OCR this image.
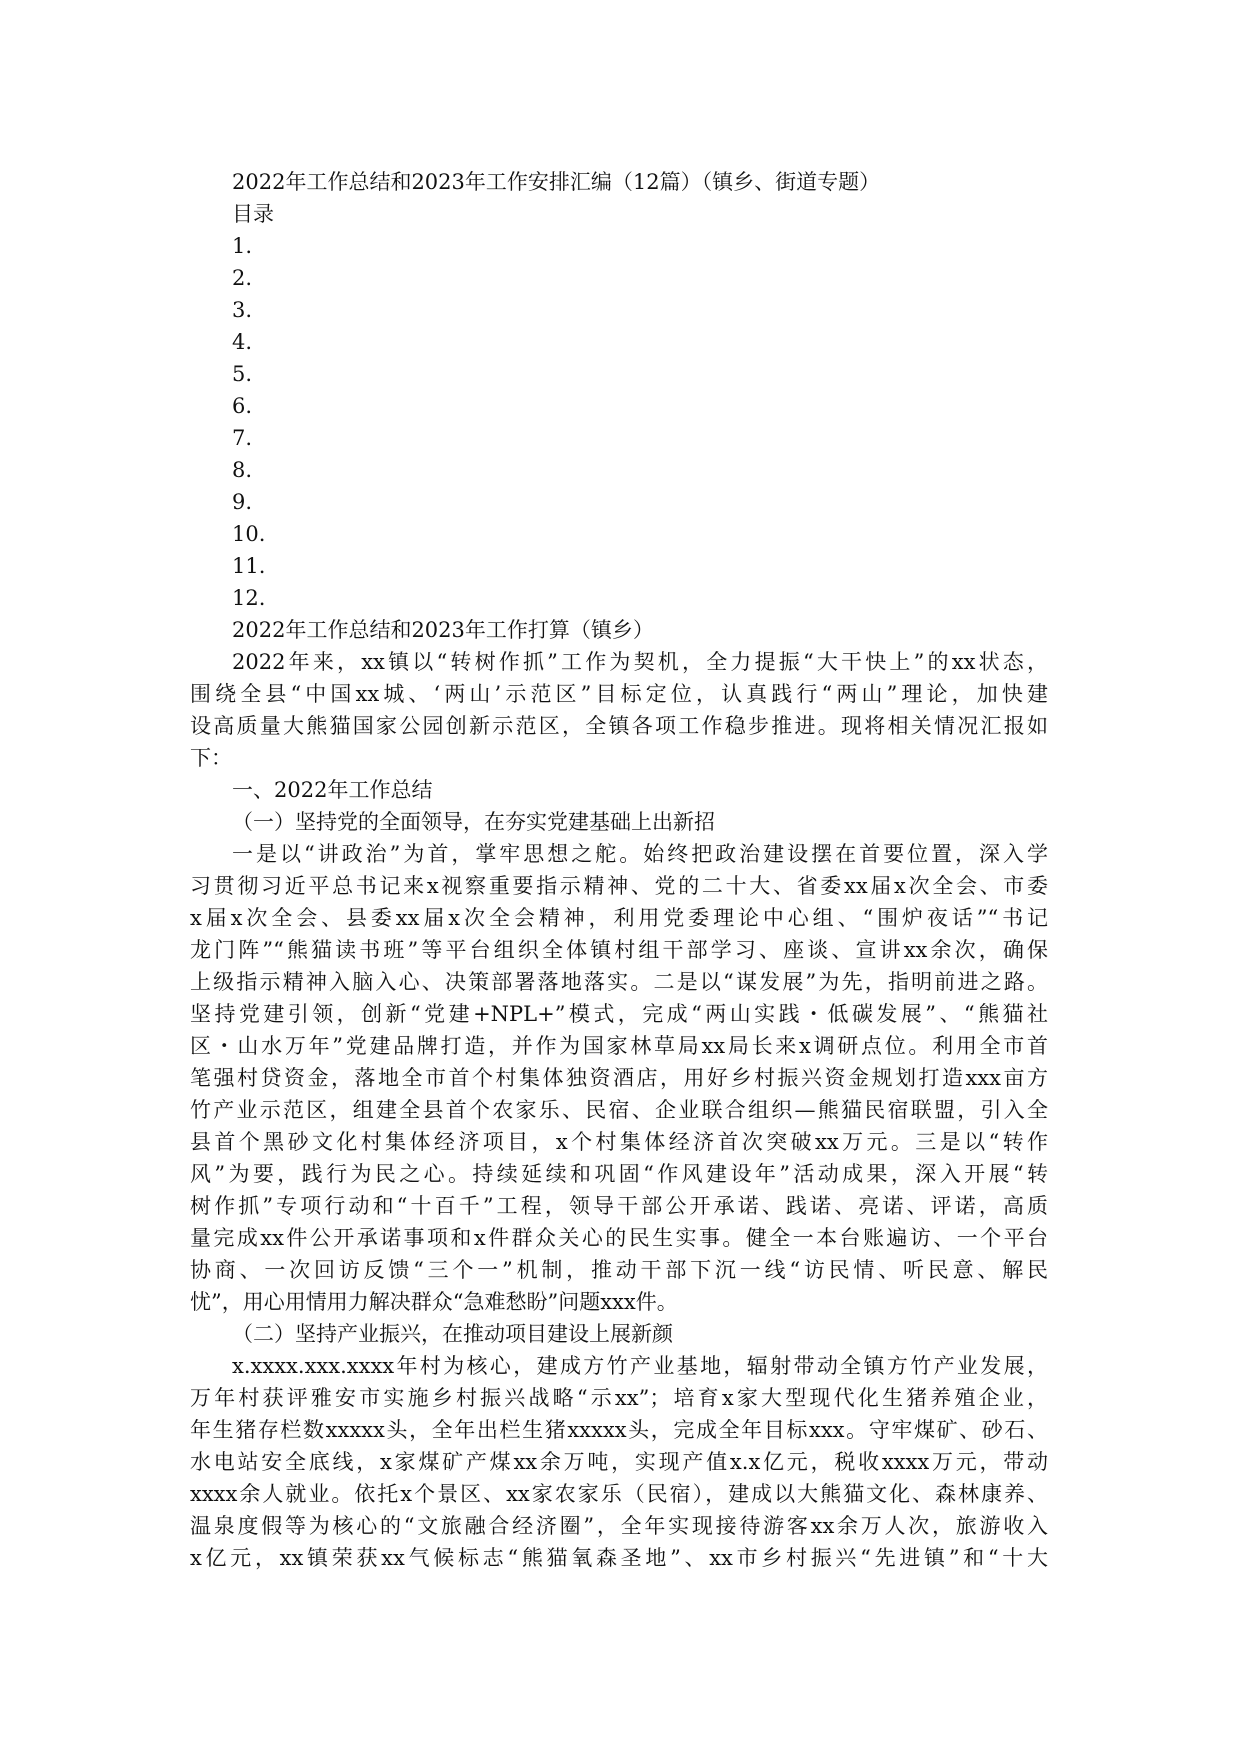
2022年工作总结和2023年工作安排汇编（12篇）（镇乡、街道专题）
目录
1.
2.
3.
4.
5.
6.
7.
8.
9.
10.
11.
12.
2022年工作总结和2023年工作打算（镇乡）
2022年来，xx镇以“转树作抓”工作为契机，全力提振“大干快上”的xx状态，
围绕全县“中国xx城、‘两山’示范区”目标定位，认真践行“两山”理论，加快建
设高质量大熊猫国家公园创新示范区，全镇各项工作稳步推进。现将相关情况汇报如
下：
一、2022年工作总结
（一）坚持党的全面领导，在夯实党建基础上出新招
一是以“讲政治”为首，掌牢思想之舵。始终把政治建设摆在首要位置，深入学
习贯彻习近平总书记来x视察重要指示精神、党的二十大、省委xx届x次全会、市委
x届x次全会、县委xx届x次全会精神，利用党委理论中心组、“围炉夜话”“书记
龙门阵”“熊猫读书班”等平台组织全体镇村组干部学习、座谈、宣讲xx余次，确保
上级指示精神入脑入心、决策部署落地落实。二是以“谋发展”为先，指明前进之路。
坚持党建引领，创新“党建+NPL+”模式，完成“两山实践・低碳发展”、“熊猫社
区・山水万年”党建品牌打造，并作为国家林草局xx局长来x调研点位。利用全市首
笔强村贷资金，落地全市首个村集体独资酒店，用好乡村振兴资金规划打造xxx亩方
竹产业示范区，组建全县首个农家乐、民宿、企业联合组织—熊猫民宿联盟，引入全
县首个黑砂文化村集体经济项目，x个村集体经济首次突破xx万元。三是以“转作
风”为要，践行为民之心。持续延续和巩固“作风建设年”活动成果，深入开展“转
树作抓”专项行动和“十百千”工程，领导干部公开承诺、践诺、亮诺、评诺，高质
量完成xx件公开承诺事项和x件群众关心的民生实事。健全一本台账遍访、一个平台
协商、一次回访反馈“三个一”机制，推动干部下沉一线“访民情、听民意、解民
忧”，用心用情用力解决群众“急难愁盼”问题xxx件。
（二）坚持产业振兴，在推动项目建设上展新颜
x.xxxx.xxx.xxxx年村为核心，建成方竹产业基地，辐射带动全镇方竹产业发展，
万年村获评雅安市实施乡村振兴战略“示xx”；培育x家大型现代化生猪养殖企业，
年生猪存栏数xxxxx头，全年出栏生猪xxxxx头，完成全年目标xxx。守牢煤矿、砂石、
水电站安全底线，x家煤矿产煤xx余万吨，实现产值x.x亿元，税收xxxx万元，带动
xxxx余人就业。依托x个景区、xx家农家乐（民宿），建成以大熊猫文化、森林康养、
温泉度假等为核心的“文旅融合经济圈”，全年实现接待游客xx余万人次，旅游收入
x亿元，xx镇荣获xx气候标志“熊猫氧森圣地”、xx市乡村振兴“先进镇”和“十大
